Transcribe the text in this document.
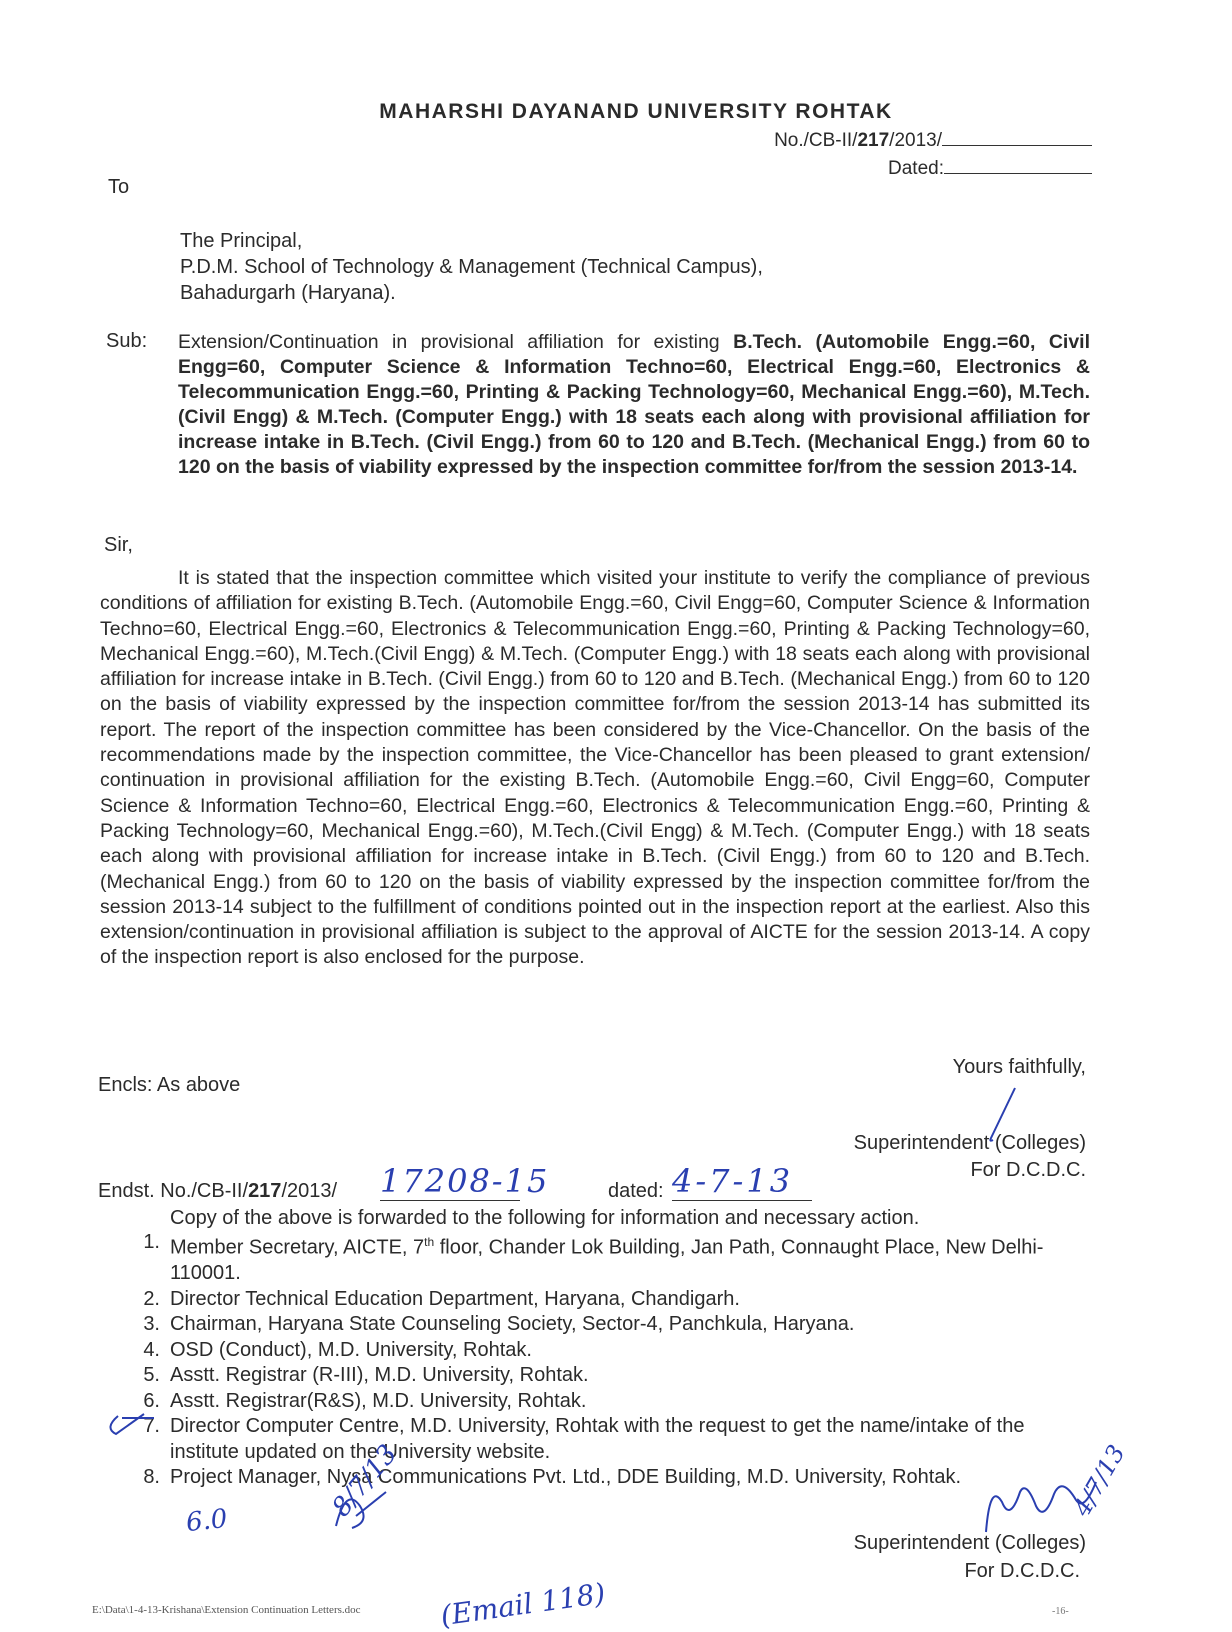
MAHARSHI DAYANAND UNIVERSITY ROHTAK
No./CB-II/217/2013/
Dated:
To
The Principal,
P.D.M. School of Technology & Management (Technical Campus),
Bahadurgarh (Haryana).
Sub: Extension/Continuation in provisional affiliation for existing B.Tech. (Automobile Engg.=60, Civil Engg=60, Computer Science & Information Techno=60, Electrical Engg.=60, Electronics & Telecommunication Engg.=60, Printing & Packing Technology=60, Mechanical Engg.=60), M.Tech.(Civil Engg) & M.Tech. (Computer Engg.) with 18 seats each along with provisional affiliation for increase intake in B.Tech. (Civil Engg.) from 60 to 120 and B.Tech. (Mechanical Engg.) from 60 to 120 on the basis of viability expressed by the inspection committee for/from the session 2013-14.
Sir,
It is stated that the inspection committee which visited your institute to verify the compliance of previous conditions of affiliation for existing B.Tech. (Automobile Engg.=60, Civil Engg=60, Computer Science & Information Techno=60, Electrical Engg.=60, Electronics & Telecommunication Engg.=60, Printing & Packing Technology=60, Mechanical Engg.=60), M.Tech.(Civil Engg) & M.Tech. (Computer Engg.) with 18 seats each along with provisional affiliation for increase intake in B.Tech. (Civil Engg.) from 60 to 120 and B.Tech. (Mechanical Engg.) from 60 to 120 on the basis of viability expressed by the inspection committee for/from the session 2013-14 has submitted its report. The report of the inspection committee has been considered by the Vice-Chancellor. On the basis of the recommendations made by the inspection committee, the Vice-Chancellor has been pleased to grant extension/ continuation in provisional affiliation for the existing B.Tech. (Automobile Engg.=60, Civil Engg=60, Computer Science & Information Techno=60, Electrical Engg.=60, Electronics & Telecommunication Engg.=60, Printing & Packing Technology=60, Mechanical Engg.=60), M.Tech.(Civil Engg) & M.Tech. (Computer Engg.) with 18 seats each along with provisional affiliation for increase intake in B.Tech. (Civil Engg.) from 60 to 120 and B.Tech. (Mechanical Engg.) from 60 to 120 on the basis of viability expressed by the inspection committee for/from the session 2013-14 subject to the fulfillment of conditions pointed out in the inspection report at the earliest. Also this extension/continuation in provisional affiliation is subject to the approval of AICTE for the session 2013-14. A copy of the inspection report is also enclosed for the purpose.
Yours faithfully,
Superintendent (Colleges)
For D.C.D.C.
Encls: As above
Endst. No./CB-II/217/2013/ 17208-15	dated: 4-7-13
Copy of the above is forwarded to the following for information and necessary action.
1. Member Secretary, AICTE, 7th floor, Chander Lok Building, Jan Path, Connaught Place, New Delhi-110001.
2. Director Technical Education Department, Haryana, Chandigarh.
3. Chairman, Haryana State Counseling Society, Sector-4, Panchkula, Haryana.
4. OSD (Conduct), M.D. University, Rohtak.
5. Asstt. Registrar (R-III), M.D. University, Rohtak.
6. Asstt. Registrar(R&S), M.D. University, Rohtak.
7. Director Computer Centre, M.D. University, Rohtak with the request to get the name/intake of the institute updated on the University website.
8. Project Manager, Nysa Communications Pvt. Ltd., DDE Building, M.D. University, Rohtak.
6.0	8/7/13	4/7/13
Superintendent (Colleges)
For D.C.D.C.
(Email 118)
E:\Data\1-4-13-Krishana\Extension Continuation Letters.doc	-16-
